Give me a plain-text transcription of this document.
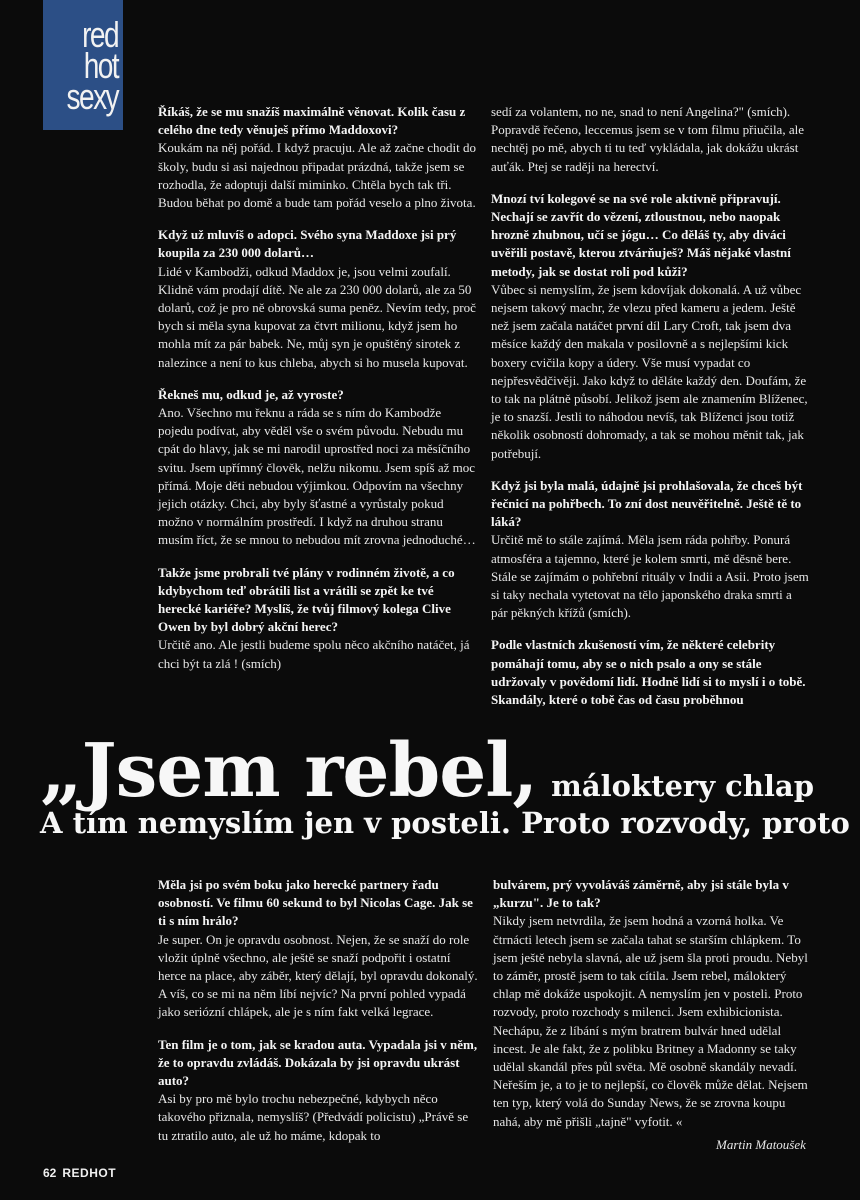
red
hot
sexy	Říkáš, že se mu snažíš maximálně věnovat. Kolik času z celého dne tedy věnuješ přímo Maddoxovi?
Koukám na něj pořád. I když pracuju. Ale až začne chodit do školy, budu si asi najednou připadat prázdná, takže jsem se rozhodla, že adoptuji další miminko. Chtěla bych tak tři. Budou běhat po domě a bude tam pořád veselo a plno života.
Když už mluvíš o adopci. Svého syna Maddoxe jsi prý koupila za 230 000 dolarů…
Lidé v Kambodži, odkud Maddox je, jsou velmi zoufalí. Klidně vám prodají dítě. Ne ale za 230 000 dolarů, ale za 50 dolarů, což je pro ně obrovská suma peněz. Nevím tedy, proč bych si měla syna kupovat za čtvrt milionu, když jsem ho mohla mít za pár babek. Ne, můj syn je opuštěný sirotek z nalezince a není to kus chleba, abych si ho musela kupovat.
Řekneš mu, odkud je, až vyroste?
Ano. Všechno mu řeknu a ráda se s ním do Kambodže pojedu podívat, aby věděl vše o svém původu. Nebudu mu cpát do hlavy, jak se mi narodil uprostřed noci za měsíčního svitu. Jsem upřímný člověk, nelžu nikomu. Jsem spíš až moc přímá. Moje děti nebudou výjimkou. Odpovím na všechny jejich otázky. Chci, aby byly šťastné a vyrůstaly pokud možno v normálním prostředí. I když na druhou stranu musím říct, že se mnou to nebudou mít zrovna jednoduché…
Takže jsme probrali tvé plány v rodinném životě, a co kdybychom teď obrátili list a vrátili se zpět ke tvé herecké kariéře? Myslíš, že tvůj filmový kolega Clive Owen by byl dobrý akční herec?
Určitě ano. Ale jestli budeme spolu něco akčního natáčet, já chci být ta zlá ! (smích)
sedí za volantem, no ne, snad to není Angelina?" (smích). Popravdě řečeno, leccemus jsem se v tom filmu přiučila, ale nechtěj po mě, abych ti tu teď vykládala, jak dokážu ukrást auťák. Ptej se raději na herectví.
Mnozí tví kolegové se na své role aktivně připravují. Nechají se zavřít do vězení, ztloustnou, nebo naopak hrozně zhubnou, učí se jógu… Co děláš ty, aby diváci uvěřili postavě, kterou ztvárňuješ? Máš nějaké vlastní metody, jak se dostat roli pod kůži?
Vůbec si nemyslím, že jsem kdovíjak dokonalá. A už vůbec nejsem takový machr, že vlezu před kameru a jedem. Ještě než jsem začala natáčet první díl Lary Croft, tak jsem dva měsíce každý den makala v posilovně a s nejlepšími kick boxery cvičila kopy a údery. Vše musí vypadat co nejpřesvědčivěji. Jako když to děláte každý den. Doufám, že to tak na plátně působí. Jelikož jsem ale znamením Blíženec, je to snazší. Jestli to náhodou nevíš, tak Blíženci jsou totiž několik osobností dohromady, a tak se mohou měnit tak, jak potřebují.
Když jsi byla malá, údajně jsi prohlašovala, že chceš být řečnicí na pohřbech. To zní dost neuvěřitelně. Ještě tě to láká?
Určitě mě to stále zajímá. Měla jsem ráda pohřby. Ponurá atmosféra a tajemno, které je kolem smrti, mě děsně bere. Stále se zajímám o pohřební rituály v Indii a Asii. Proto jsem si taky nechala vytetovat na tělo japonského draka smrti a pár pěkných křížů (smích).
Podle vlastních zkušeností vím, že některé celebrity pomáhají tomu, aby se o nich psalo a ony se stále udržovaly v povědomí lidí. Hodně lidí si to myslí i o tobě. Skandály, které o tobě čas od času proběhnou
„Jsem rebel, máloktery chlap
A tím nemyslím jen v posteli. Proto rozvody, proto
Měla jsi po svém boku jako herecké partnery řadu osobností. Ve filmu 60 sekund to byl Nicolas Cage. Jak se ti s ním hrálo?
Je super. On je opravdu osobnost. Nejen, že se snaží do role vložit úplně všechno, ale ještě se snaží podpořit i ostatní herce na place, aby záběr, který dělají, byl opravdu dokonalý. A víš, co se mi na něm líbí nejvíc? Na první pohled vypadá jako seriózní chlápek, ale je s ním fakt velká legrace.
Ten film je o tom, jak se kradou auta. Vypadala jsi v něm, že to opravdu zvládáš. Dokázala by jsi opravdu ukrást auto?
Asi by pro mě bylo trochu nebezpečné, kdybych něco takového přiznala, nemyslíš? (Předvádí policistu) „Právě se tu ztratilo auto, ale už ho máme, kdopak to
bulvárem, prý vyvoláváš záměrně, aby jsi stále byla v „kurzu". Je to tak?
Nikdy jsem netvrdila, že jsem hodná a vzorná holka. Ve čtrnácti letech jsem se začala tahat se starším chlápkem. To jsem ještě nebyla slavná, ale už jsem šla proti proudu. Nebyl to záměr, prostě jsem to tak cítila. Jsem rebel, málokterý chlap mě dokáže uspokojit. A nemyslím jen v posteli. Proto rozvody, proto rozchody s milenci. Jsem exhibicionista. Nechápu, že z líbání s mým bratrem bulvár hned udělal incest. Je ale fakt, že z polibku Britney a Madonny se taky udělal skandál přes půl světa. Mě osobně skandály nevadí. Neřeším je, a to je to nejlepší, co člověk může dělat. Nejsem ten typ, který volá do Sunday News, že se zrovna koupu nahá, aby mě přišli „tajně" vyfotit. «
Martin Matoušek
62 REDHOT
